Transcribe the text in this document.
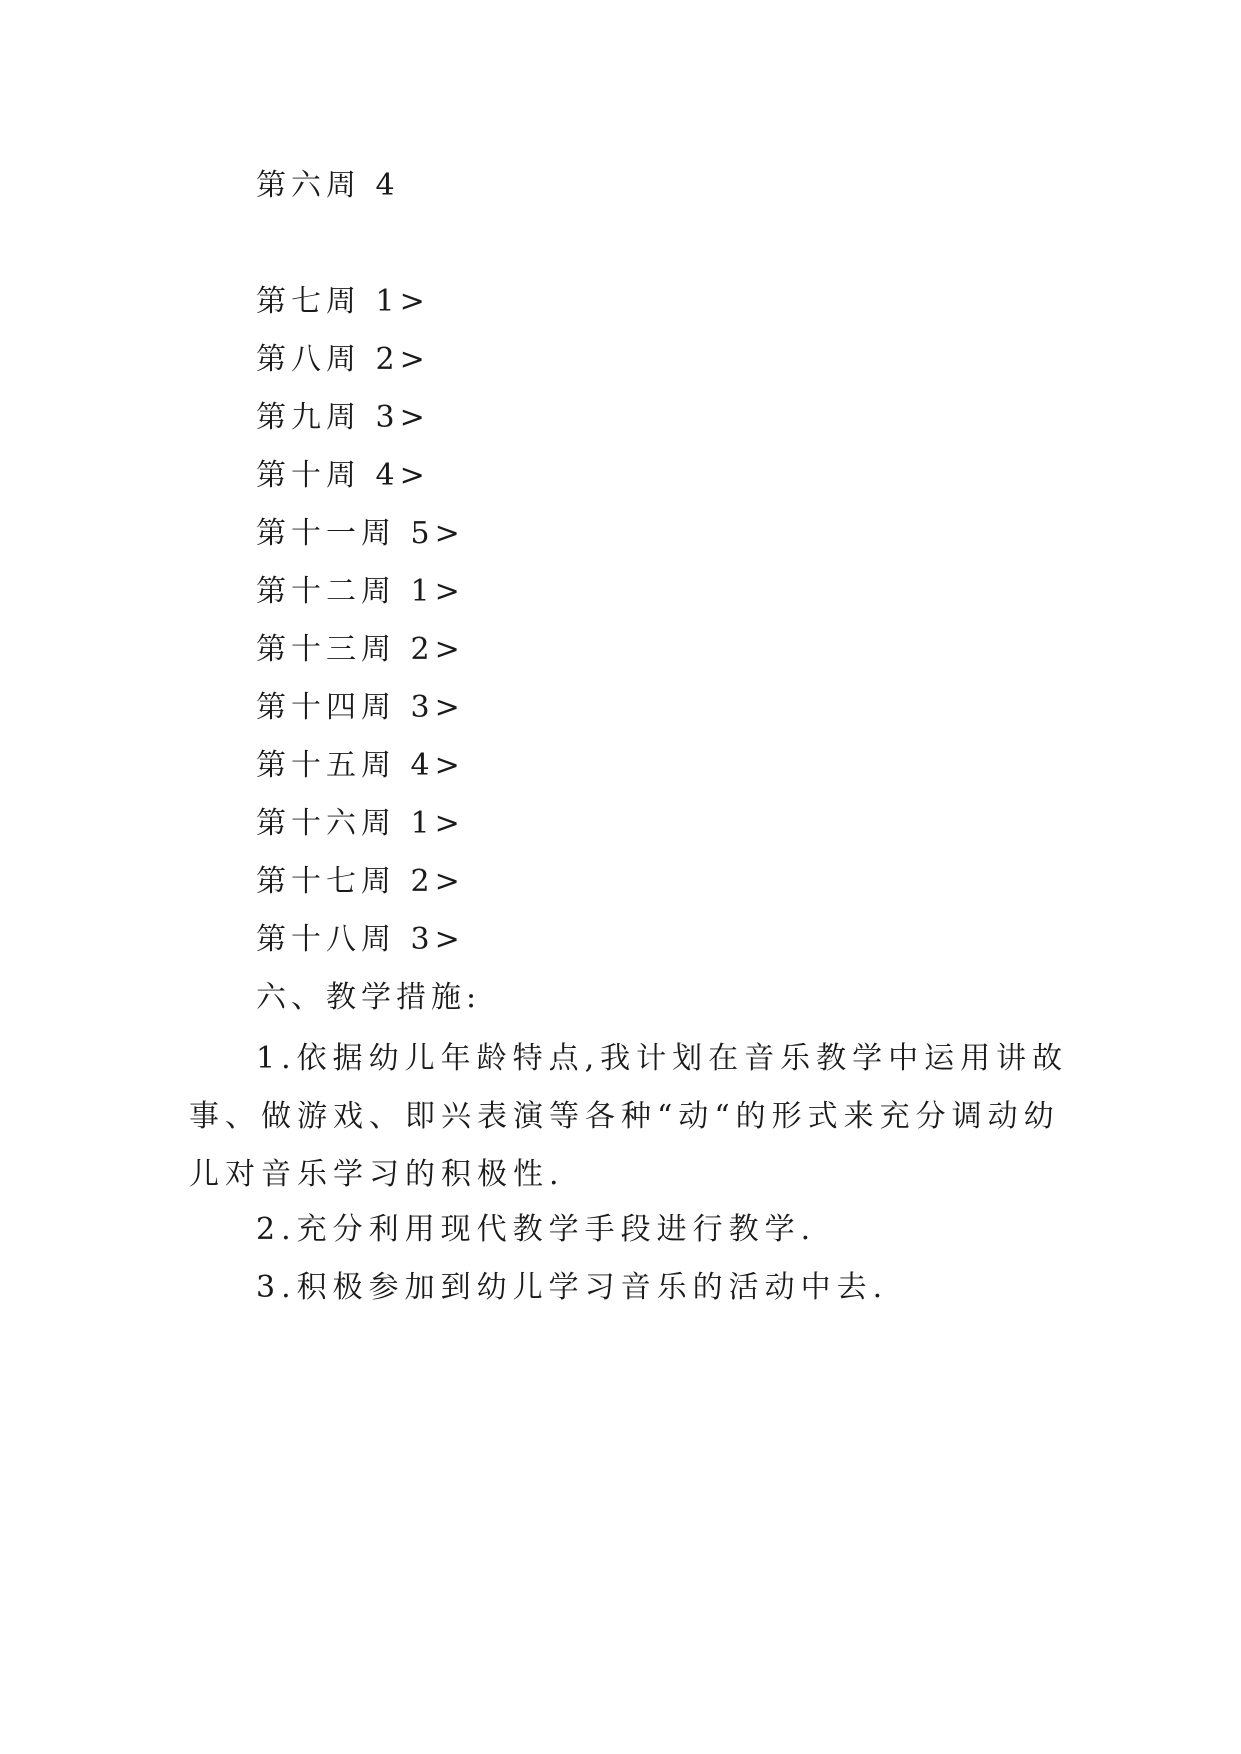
第六周 4
第七周 1>
第八周 2>
第九周 3>
第十周 4>
第十一周 5>
第十二周 1>
第十三周 2>
第十四周 3>
第十五周 4>
第十六周 1>
第十七周 2>
第十八周 3>
六、教学措施:
1.依据幼儿年龄特点,我计划在音乐教学中运用讲故事、做游戏、即兴表演等各种“动“的形式来充分调动幼儿对音乐学习的积极性.
2.充分利用现代教学手段进行教学.
3.积极参加到幼儿学习音乐的活动中去.
